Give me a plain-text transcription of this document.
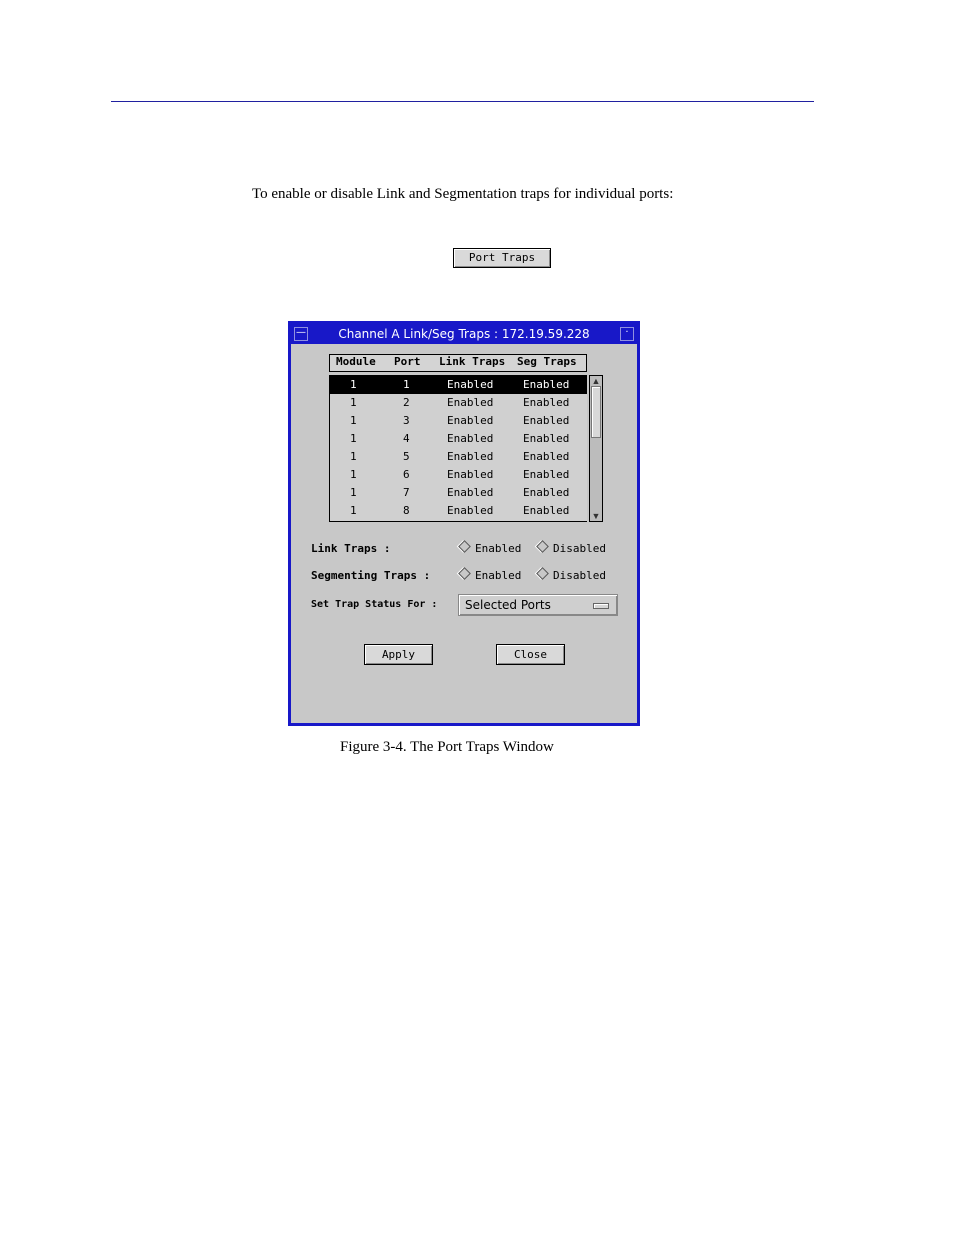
To enable or disable Link and Segmentation traps for individual ports:
Port Traps
—	Channel A Link/Seg Traps : 172.19.59.228	·
Module Port Link Traps Seg Traps
1	1	Enabled	Enabled
1	2	Enabled	Enabled
1	3	Enabled	Enabled
1	4	Enabled	Enabled
1	5	Enabled	Enabled
1	6	Enabled	Enabled
1	7	Enabled	Enabled
1	8	Enabled	Enabled
▲
▼
Link Traps :	Enabled	Disabled
Segmenting Traps :	Enabled	Disabled
Set Trap Status For :	Selected Ports
Apply	Close
Figure 3-4. The Port Traps Window
